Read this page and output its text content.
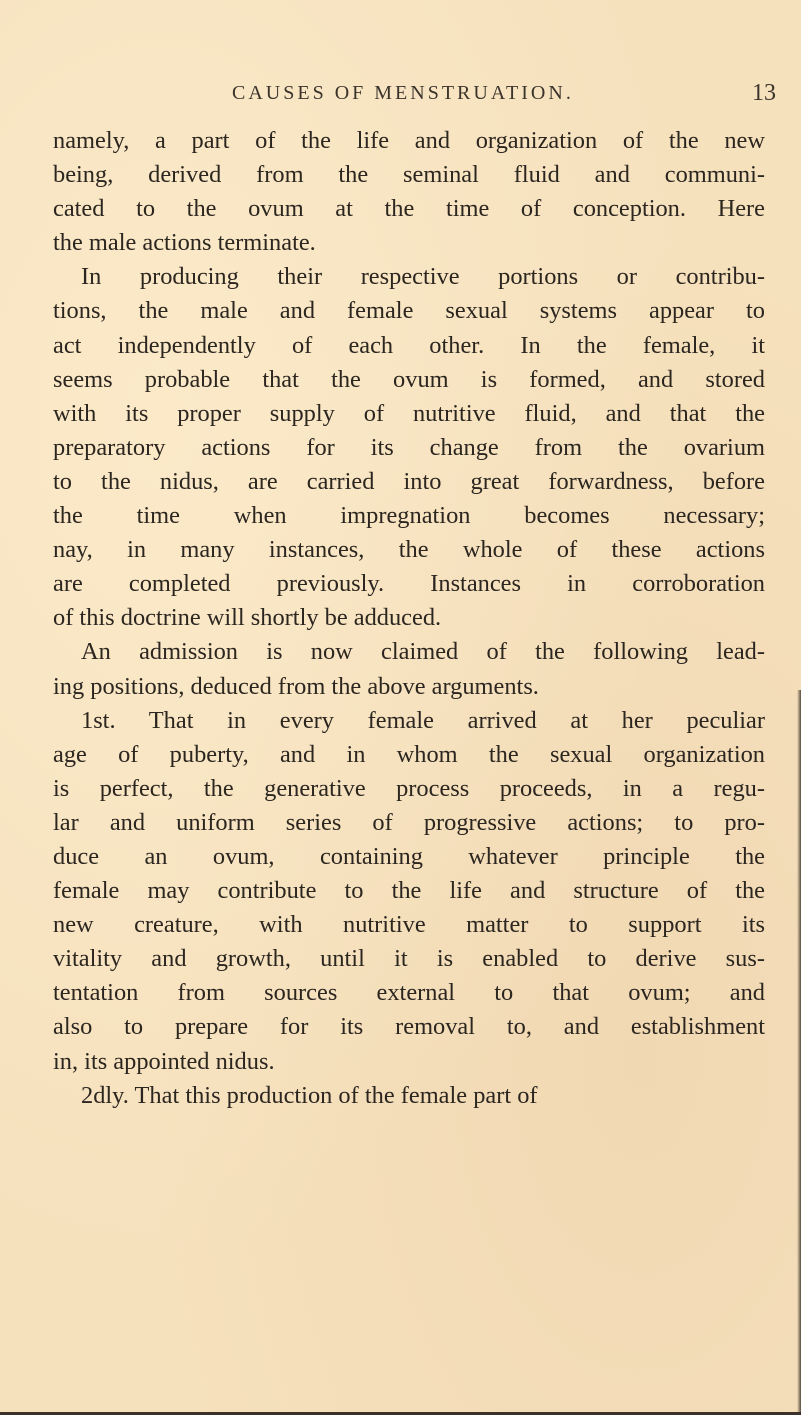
CAUSES OF MENSTRUATION.	13
namely, a part of the life and organization of the new
being, derived from the seminal fluid and communi-
cated to the ovum at the time of conception. Here
the male actions terminate.
In producing their respective portions or contribu-
tions, the male and female sexual systems appear to
act independently of each other. In the female, it
seems probable that the ovum is formed, and stored
with its proper supply of nutritive fluid, and that the
preparatory actions for its change from the ovarium
to the nidus, are carried into great forwardness, before
the time when impregnation becomes necessary;
nay, in many instances, the whole of these actions
are completed previously. Instances in corroboration
of this doctrine will shortly be adduced.
An admission is now claimed of the following lead-
ing positions, deduced from the above arguments.
1st. That in every female arrived at her peculiar
age of puberty, and in whom the sexual organization
is perfect, the generative process proceeds, in a regu-
lar and uniform series of progressive actions; to pro-
duce an ovum, containing whatever principle the
female may contribute to the life and structure of the
new creature, with nutritive matter to support its
vitality and growth, until it is enabled to derive sus-
tentation from sources external to that ovum; and
also to prepare for its removal to, and establishment
in, its appointed nidus.
2dly. That this production of the female part of
